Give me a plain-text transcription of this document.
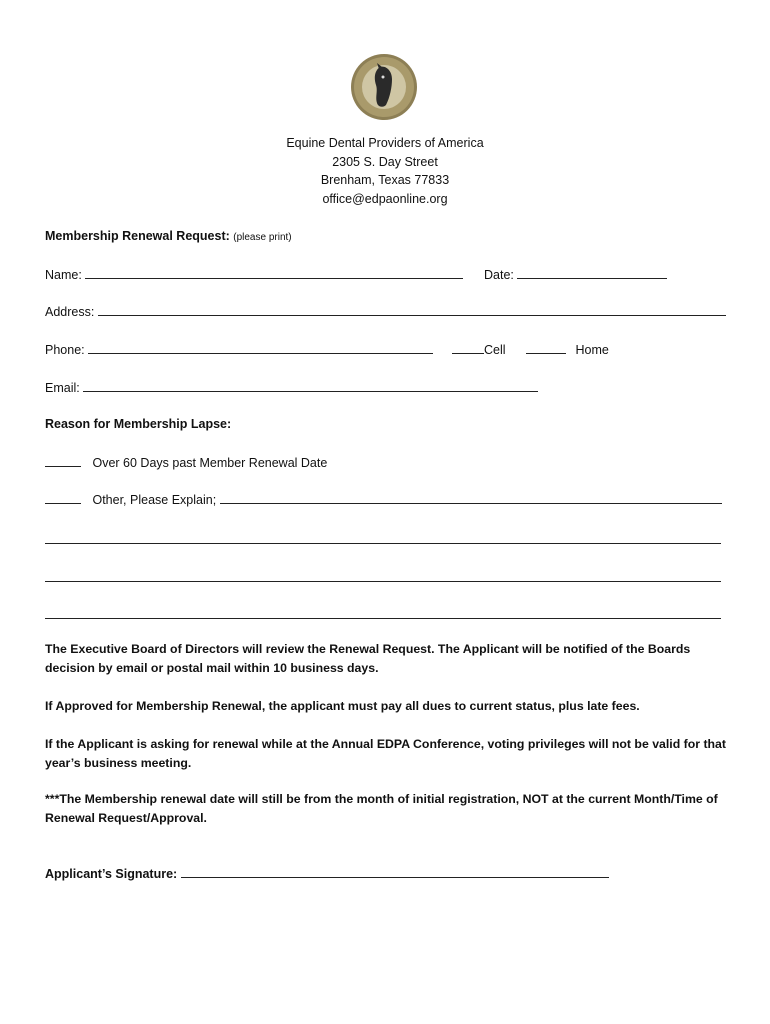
Equine Dental Providers of America
2305 S. Day Street
Brenham, Texas 77833
office@edpaonline.org
Membership Renewal Request: (please print)
Name:	Date:
Address:
Phone:	Cell	Home
Email:
Reason for Membership Lapse:
Over 60 Days past Member Renewal Date
Other, Please Explain;
The Executive Board of Directors will review the Renewal Request. The Applicant will be notified of the Boards decision by email or postal mail within 10 business days.
If Approved for Membership Renewal, the applicant must pay all dues to current status, plus late fees.
If the Applicant is asking for renewal while at the Annual EDPA Conference, voting privileges will not be valid for that year’s business meeting.
***The Membership renewal date will still be from the month of initial registration, NOT at the current Month/Time of Renewal Request/Approval.
Applicant’s Signature:
